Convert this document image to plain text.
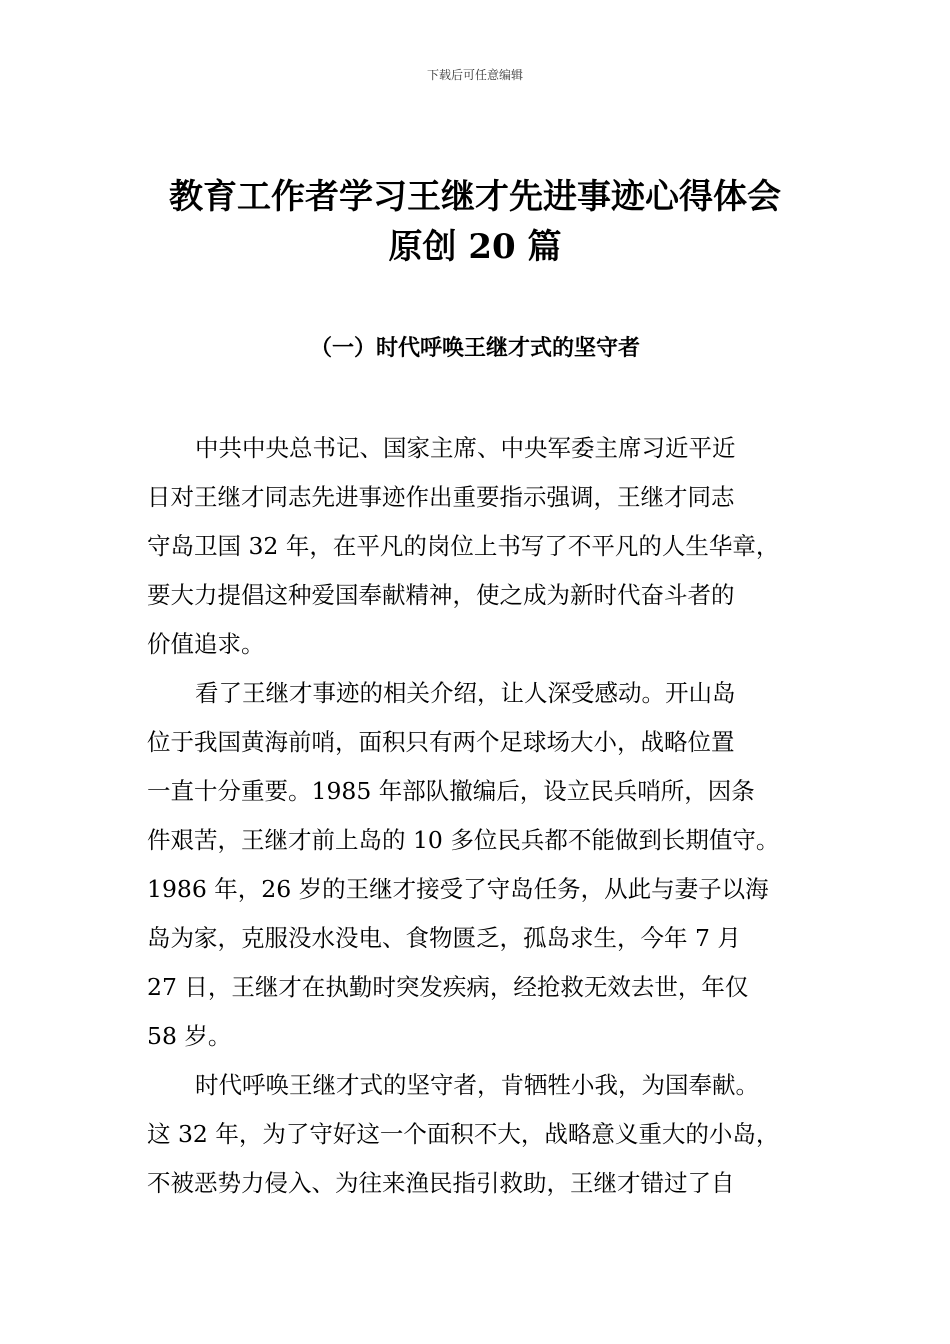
下载后可任意编辑
教育工作者学习王继才先进事迹心得体会
原创 20 篇
（一）时代呼唤王继才式的坚守者
中共中央总书记、国家主席、中央军委主席习近平近
日对王继才同志先进事迹作出重要指示强调，王继才同志
守岛卫国 32 年，在平凡的岗位上书写了不平凡的人生华章，
要大力提倡这种爱国奉献精神，使之成为新时代奋斗者的
价值追求。
看了王继才事迹的相关介绍，让人深受感动。开山岛
位于我国黄海前哨，面积只有两个足球场大小，战略位置
一直十分重要。1985 年部队撤编后，设立民兵哨所，因条
件艰苦，王继才前上岛的 10 多位民兵都不能做到长期值守。
1986 年，26 岁的王继才接受了守岛任务，从此与妻子以海
岛为家，克服没水没电、食物匮乏，孤岛求生，今年 7 月
27 日，王继才在执勤时突发疾病，经抢救无效去世，年仅
58 岁。
时代呼唤王继才式的坚守者，肯牺牲小我，为国奉献。
这 32 年，为了守好这一个面积不大，战略意义重大的小岛，
不被恶势力侵入、为往来渔民指引救助，王继才错过了自
